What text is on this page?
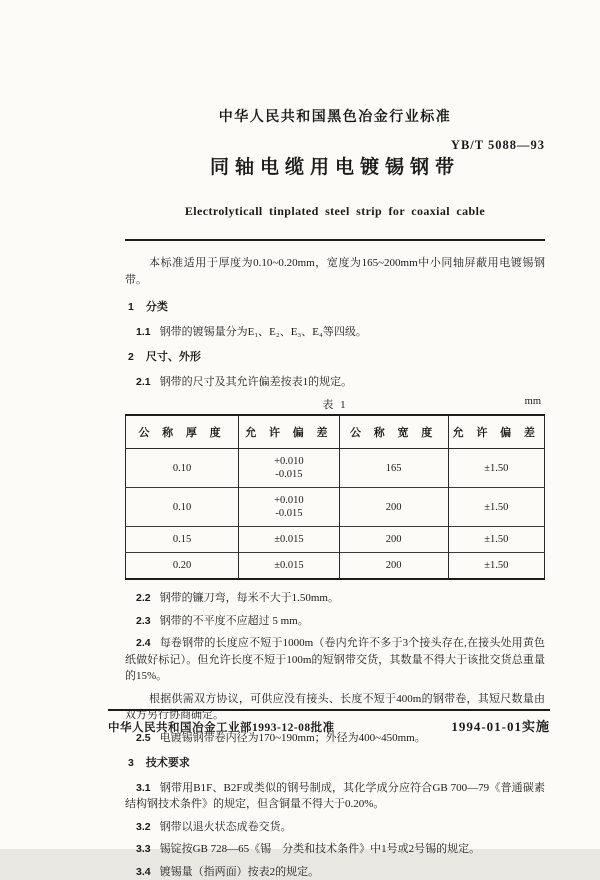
中华人民共和国黑色冶金行业标准
YB/T 5088—93
同轴电缆用电镀锡钢带
Electrolyticall tinplated steel strip for coaxial cable

本标准适用于厚度为0.10~0.20mm，宽度为165~200mm中小同轴屏蔽用电镀锡钢带。

1 分类

1.1 钢带的镀锡量分为E₁、E₂、E₃、E₄等四级。

2 尺寸、外形

2.1 钢带的尺寸及其允许偏差按表1的规定。

表 1	mm
公 称 厚 度	允 许 偏 差	公 称 宽 度	允 许 偏 差
0.10	+0.010
-0.015	165	±1.50
0.10	+0.010
-0.015	200	±1.50
0.15	±0.015	200	±1.50
0.20	±0.015	200	±1.50

2.2 钢带的镰刀弯，每米不大于1.50mm。

2.3 钢带的不平度不应超过 5 mm。

2.4 每卷钢带的长度应不短于1000m（卷内允许不多于3个接头存在,在接头处用黄色纸做好标记）。但允许长度不短于100m的短钢带交货，其数量不得大于该批交货总重量的15%。

根据供需双方协议，可供应没有接头、长度不短于400m的钢带卷，其短尺数量由双方另行协商确定。

2.5 电镀锡钢带卷内径为170~190mm；外径为400~450mm。

3 技术要求

3.1 钢带用B1F、B2F或类似的钢号制成，其化学成分应符合GB 700—79《普通碳素结构钢技术条件》的规定，但含铜量不得大于0.20%。

3.2 钢带以退火状态成卷交货。

3.3 锡锭按GB 728—65《锡　分类和技术条件》中1号或2号锡的规定。

3.4 镀锡量（指两面）按表2的规定。

中华人民共和国冶金工业部1993-12-08批准	1994-01-01实施
